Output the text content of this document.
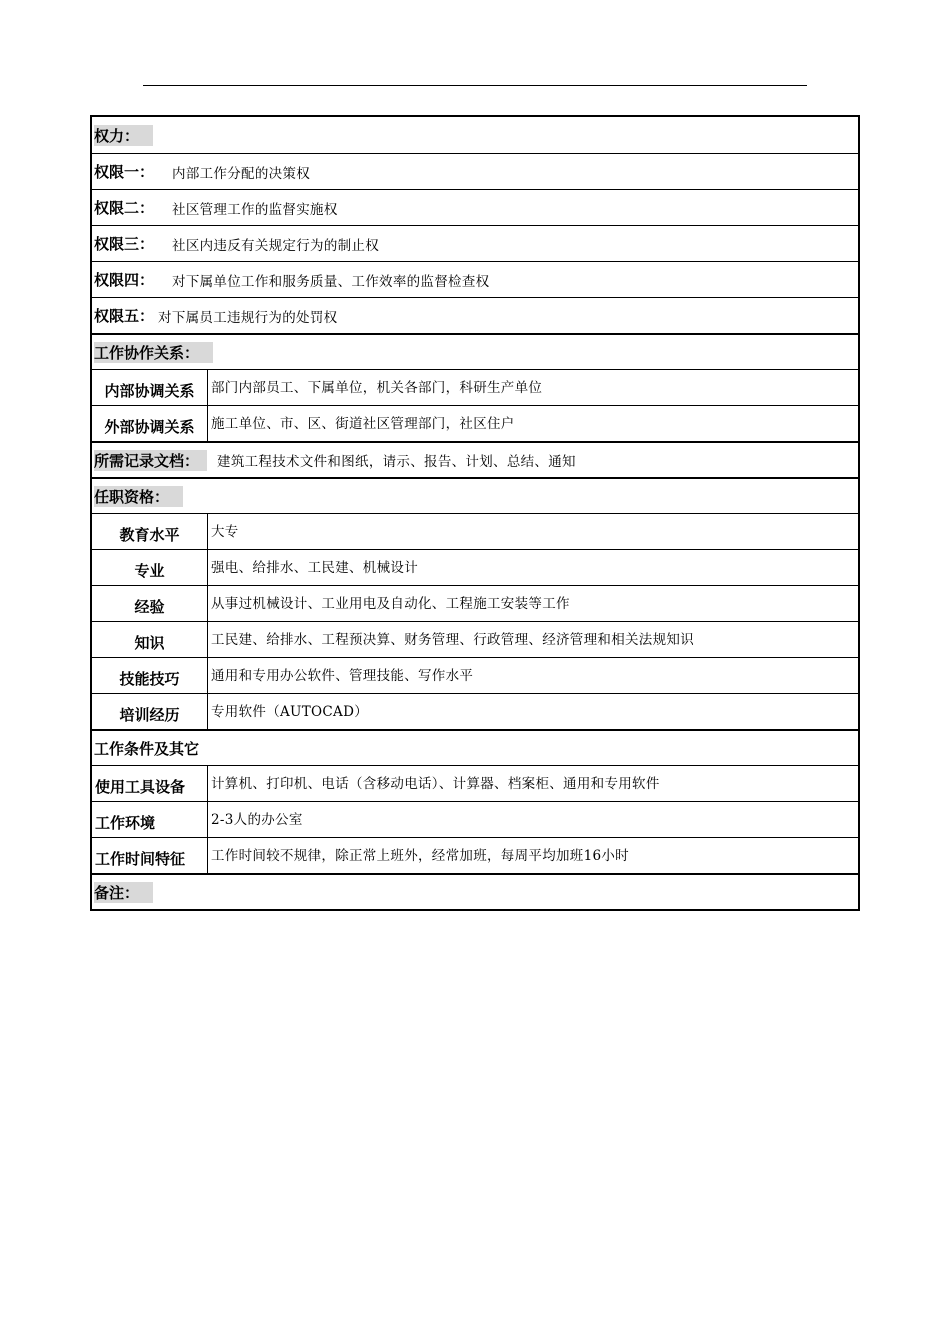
权力：
权限一： 内部工作分配的决策权
权限二： 社区管理工作的监督实施权
权限三： 社区内违反有关规定行为的制止权
权限四： 对下属单位工作和服务质量、工作效率的监督检查权
权限五： 对下属员工违规行为的处罚权
工作协作关系：
内部协调关系 部门内部员工、下属单位，机关各部门，科研生产单位
外部协调关系 施工单位、市、区、街道社区管理部门，社区住户
所需记录文档：	建筑工程技术文件和图纸，请示、报告、计划、总结、通知
任职资格：
教育水平 大专
专业	强电、给排水、工民建、机械设计
经验	从事过机械设计、工业用电及自动化、工程施工安装等工作
知识	工民建、给排水、工程预决算、财务管理、行政管理、经济管理和相关法规知识
技能技巧 通用和专用办公软件、管理技能、写作水平
培训经历 专用软件（AUTOCAD）
工作条件及其它
使用工具设备 计算机、打印机、电话（含移动电话）、计算器、档案柜、通用和专用软件
工作环境	2-3人的办公室
工作时间特征 工作时间较不规律，除正常上班外，经常加班，每周平均加班16小时
备注：
